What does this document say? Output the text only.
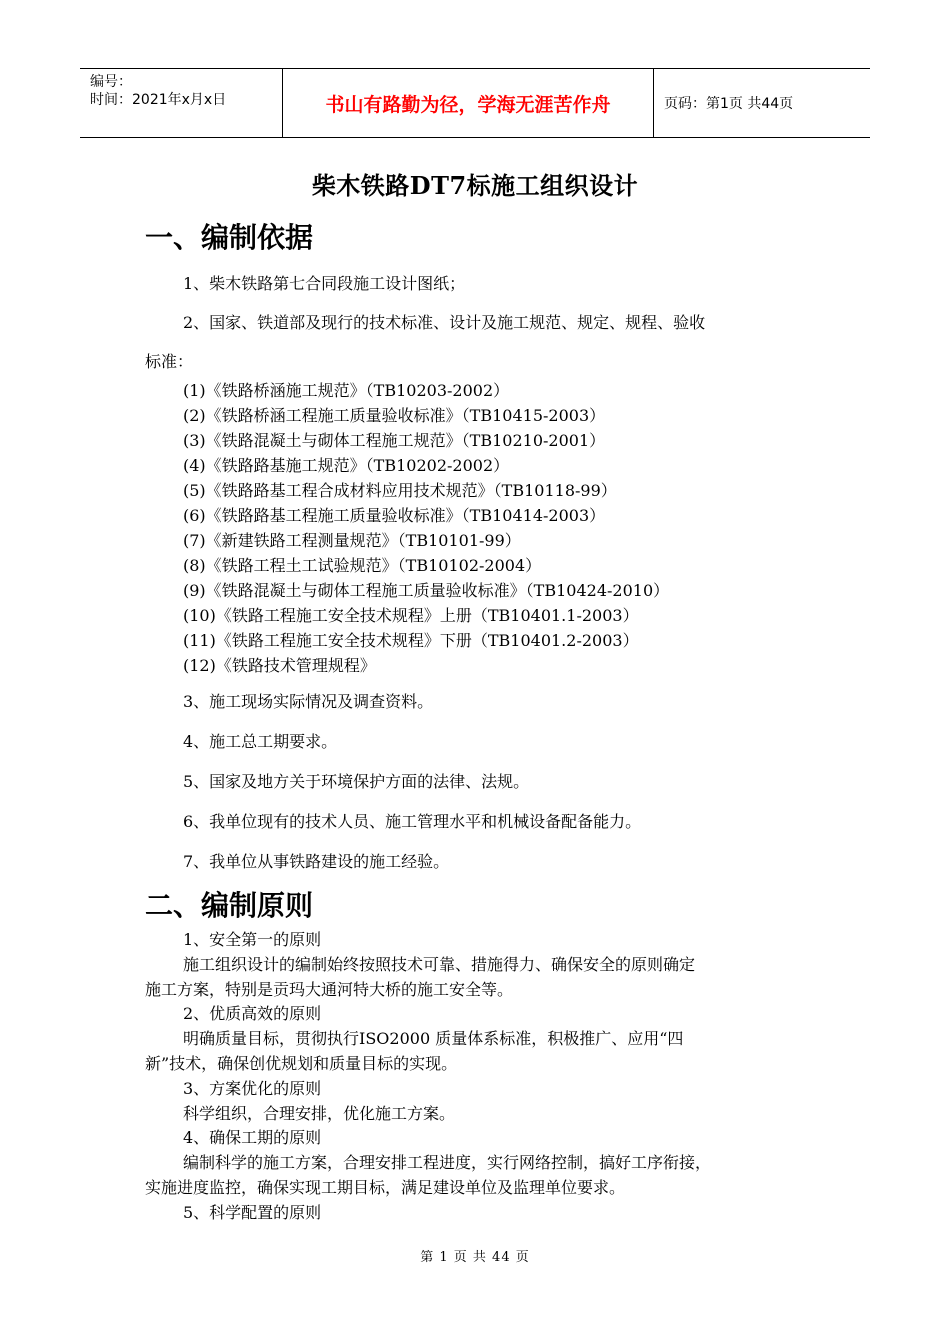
编号：
时间：2021年x月x日	书山有路勤为径，学海无涯苦作舟	页码：第1页 共44页
柴木铁路DT7标施工组织设计
一、编制依据
1、柴木铁路第七合同段施工设计图纸；
2、国家、铁道部及现行的技术标准、设计及施工规范、规定、规程、验收
标准：
(1)《铁路桥涵施工规范》（TB10203-2002）
(2)《铁路桥涵工程施工质量验收标准》（TB10415-2003）
(3)《铁路混凝土与砌体工程施工规范》（TB10210-2001）
(4)《铁路路基施工规范》（TB10202-2002）
(5)《铁路路基工程合成材料应用技术规范》（TB10118-99）
(6)《铁路路基工程施工质量验收标准》（TB10414-2003）
(7)《新建铁路工程测量规范》（TB10101-99）
(8)《铁路工程土工试验规范》（TB10102-2004）
(9)《铁路混凝土与砌体工程施工质量验收标准》（TB10424-2010）
(10)《铁路工程施工安全技术规程》上册（TB10401.1-2003）
(11)《铁路工程施工安全技术规程》下册（TB10401.2-2003）
(12)《铁路技术管理规程》
3、施工现场实际情况及调查资料。
4、施工总工期要求。
5、国家及地方关于环境保护方面的法律、法规。
6、我单位现有的技术人员、施工管理水平和机械设备配备能力。
7、我单位从事铁路建设的施工经验。
二、编制原则
1、安全第一的原则
施工组织设计的编制始终按照技术可靠、措施得力、确保安全的原则确定
施工方案，特别是贡玛大通河特大桥的施工安全等。
2、优质高效的原则
明确质量目标，贯彻执行ISO2000 质量体系标准，积极推广、应用“四
新”技术，确保创优规划和质量目标的实现。
3、方案优化的原则
科学组织，合理安排，优化施工方案。
4、确保工期的原则
编制科学的施工方案，合理安排工程进度，实行网络控制，搞好工序衔接，
实施进度监控，确保实现工期目标，满足建设单位及监理单位要求。
5、科学配置的原则
第 1 页 共 44 页
